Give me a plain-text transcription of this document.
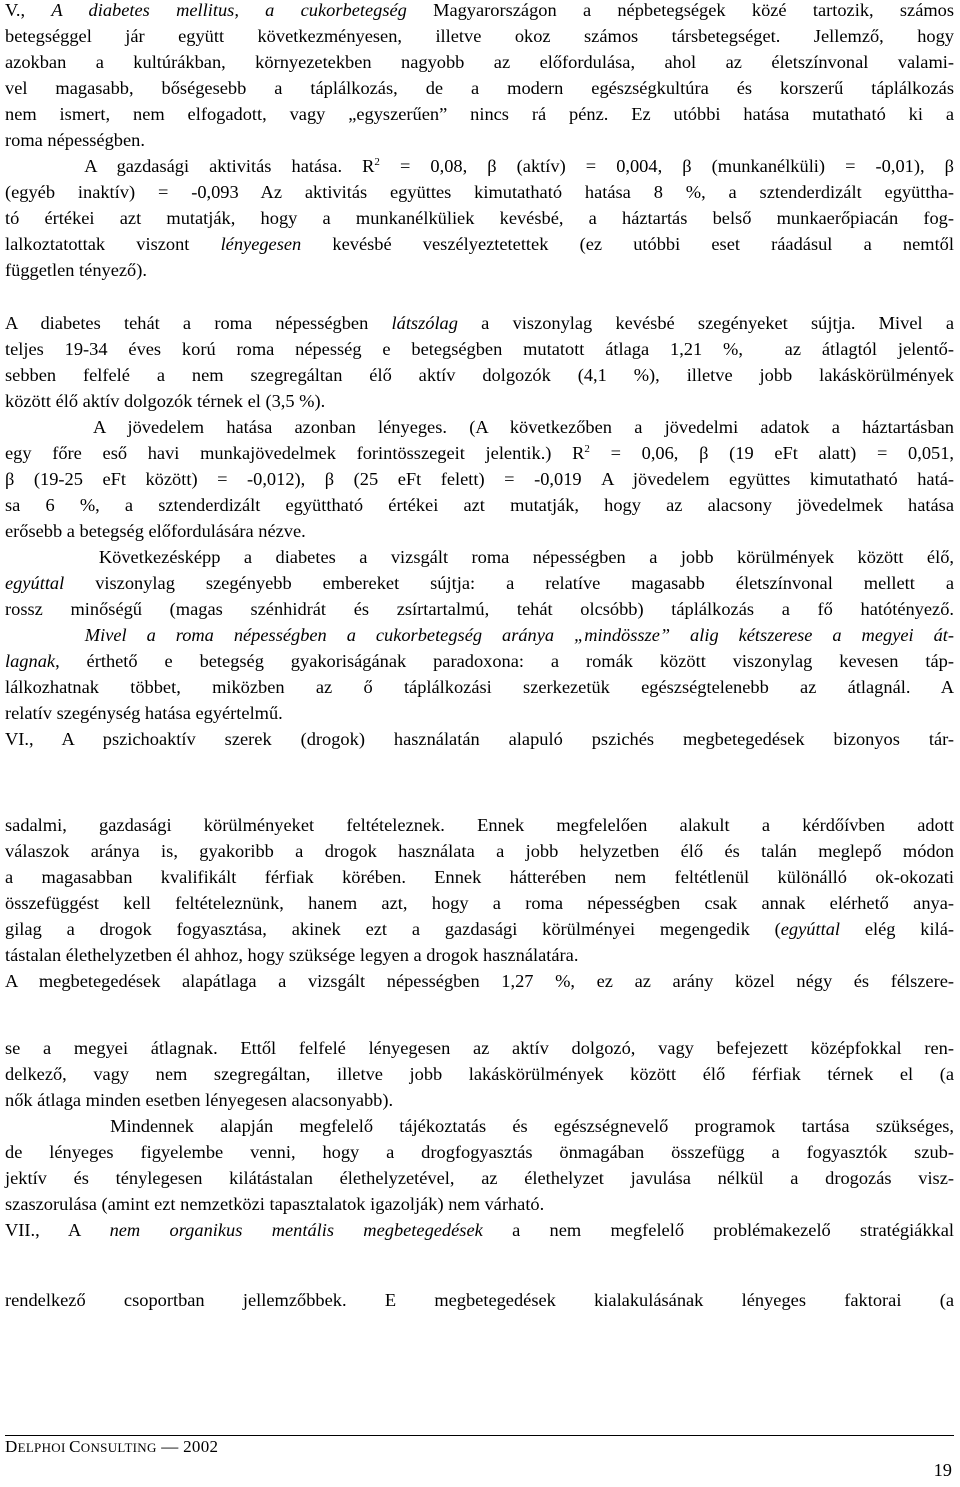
V., A diabetes mellitus, a cukorbetegség Magyarországon a népbetegségek közé tartozik, számos
betegséggel jár együtt következményesen, illetve okoz számos társbetegséget. Jellemző, hogy
azokban a kultúrákban, környezetekben nagyobb az előfordulása, ahol az életszínvonal valami-
vel magasabb, bőségesebb a táplálkozás, de a modern egészségkultúra és korszerű táplálkozás
nem ismert, nem elfogadott, vagy „egyszerűen” nincs rá pénz. Ez utóbbi hatása mutatható ki a
roma népességben.
A gazdasági aktivitás hatása. $R^2 = 0,08$, β (aktív) = 0,004, β (munkanélküli) = -0,01), β
(egyéb inaktív) = -0,093 Az aktivitás együttes kimutatható hatása 8 %, a sztenderdizált együttha-
tó értékei azt mutatják, hogy a munkanélküliek kevésbé, a háztartás belső munkaerőpiacán fog-
lalkoztatottak viszont lényegesen kevésbé veszélyeztetettek (ez utóbbi eset ráadásul a nemtől
független tényező).
A diabetes tehát a roma népességben látszólag a viszonylag kevésbé szegényeket sújtja. Mivel a
teljes 19-34 éves korú roma népesség e betegségben mutatott átlaga 1,21 %,  az átlagtól jelentő-
sebben felfelé a nem szegregáltan élő aktív dolgozók (4,1 %), illetve jobb lakáskörülmények
között élő aktív dolgozók térnek el (3,5 %).
A jövedelem hatása azonban lényeges. (A következőben a jövedelmi adatok a háztartásban
egy főre eső havi munkajövedelmek forintösszegeit jelentik.) $R^2 = 0,06$, β (19 eFt alatt) = 0,051,
β (19-25 eFt között) = -0,012), β (25 eFt felett) = -0,019 A jövedelem együttes kimutatható hatá-
sa 6 %, a sztenderdizált együttható értékei azt mutatják, hogy az alacsony jövedelmek hatása
erősebb a betegség előfordulására nézve.
Következésképp a diabetes a vizsgált roma népességben a jobb körülmények között élő,
egyúttal viszonylag szegényebb embereket sújtja: a relatíve magasabb életszínvonal mellett a
rossz minőségű (magas szénhidrát és zsírtartalmú, tehát olcsóbb) táplálkozás a fő hatótényező.
Mivel a roma népességben a cukorbetegség aránya „mindössze” alig kétszerese a megyei át-
lagnak, érthető e betegség gyakoriságának paradoxona: a romák között viszonylag kevesen táp-
lálkozhatnak többet, miközben az ő táplálkozási szerkezetük egészségtelenebb az átlagnál. A
relatív szegénység hatása egyértelmű.
VI., A pszichoaktív szerek (drogok) használatán alapuló pszichés megbetegedések bizonyos tár-
sadalmi, gazdasági körülményeket feltételeznek. Ennek megfelelően alakult a kérdőívben adott
válaszok aránya is, gyakoribb a drogok használata a jobb helyzetben élő és talán meglepő módon
a magasabban kvalifikált férfiak körében. Ennek hátterében nem feltétlenül különálló ok-okozati
összefüggést kell feltételeznünk, hanem azt, hogy a roma népességben csak annak elérhető anya-
gilag a drogok fogyasztása, akinek ezt a gazdasági körülményei megengedik (egyúttal elég kilá-
tástalan élethelyzetben él ahhoz, hogy szüksége legyen a drogok használatára.
A megbetegedések alapátlaga a vizsgált népességben 1,27 %, ez az arány közel négy és félszere-
se a megyei átlagnak. Ettől felfelé lényegesen az aktív dolgozó, vagy befejezett középfokkal ren-
delkező, vagy nem szegregáltan, illetve jobb lakáskörülmények között élő férfiak térnek el (a
nők átlaga minden esetben lényegesen alacsonyabb).
Mindennek alapján megfelelő tájékoztatás és egészségnevelő programok tartása szükséges,
de lényeges figyelembe venni, hogy a drogfogyasztás önmagában összefügg a fogyasztók szub-
jektív és ténylegesen kilátástalan élethelyzetével, az élethelyzet javulása nélkül a drogozás visz-
szaszorulása (amint ezt nemzetközi tapasztalatok igazolják) nem várható.
VII., A nem organikus mentális megbetegedések a nem megfelelő problémakezelő stratégiákkal
rendelkező csoportban jellemzőbbek. E megbetegedések kialakulásának lényeges faktorai (a
DELPHOI CONSULTING — 2002
19
